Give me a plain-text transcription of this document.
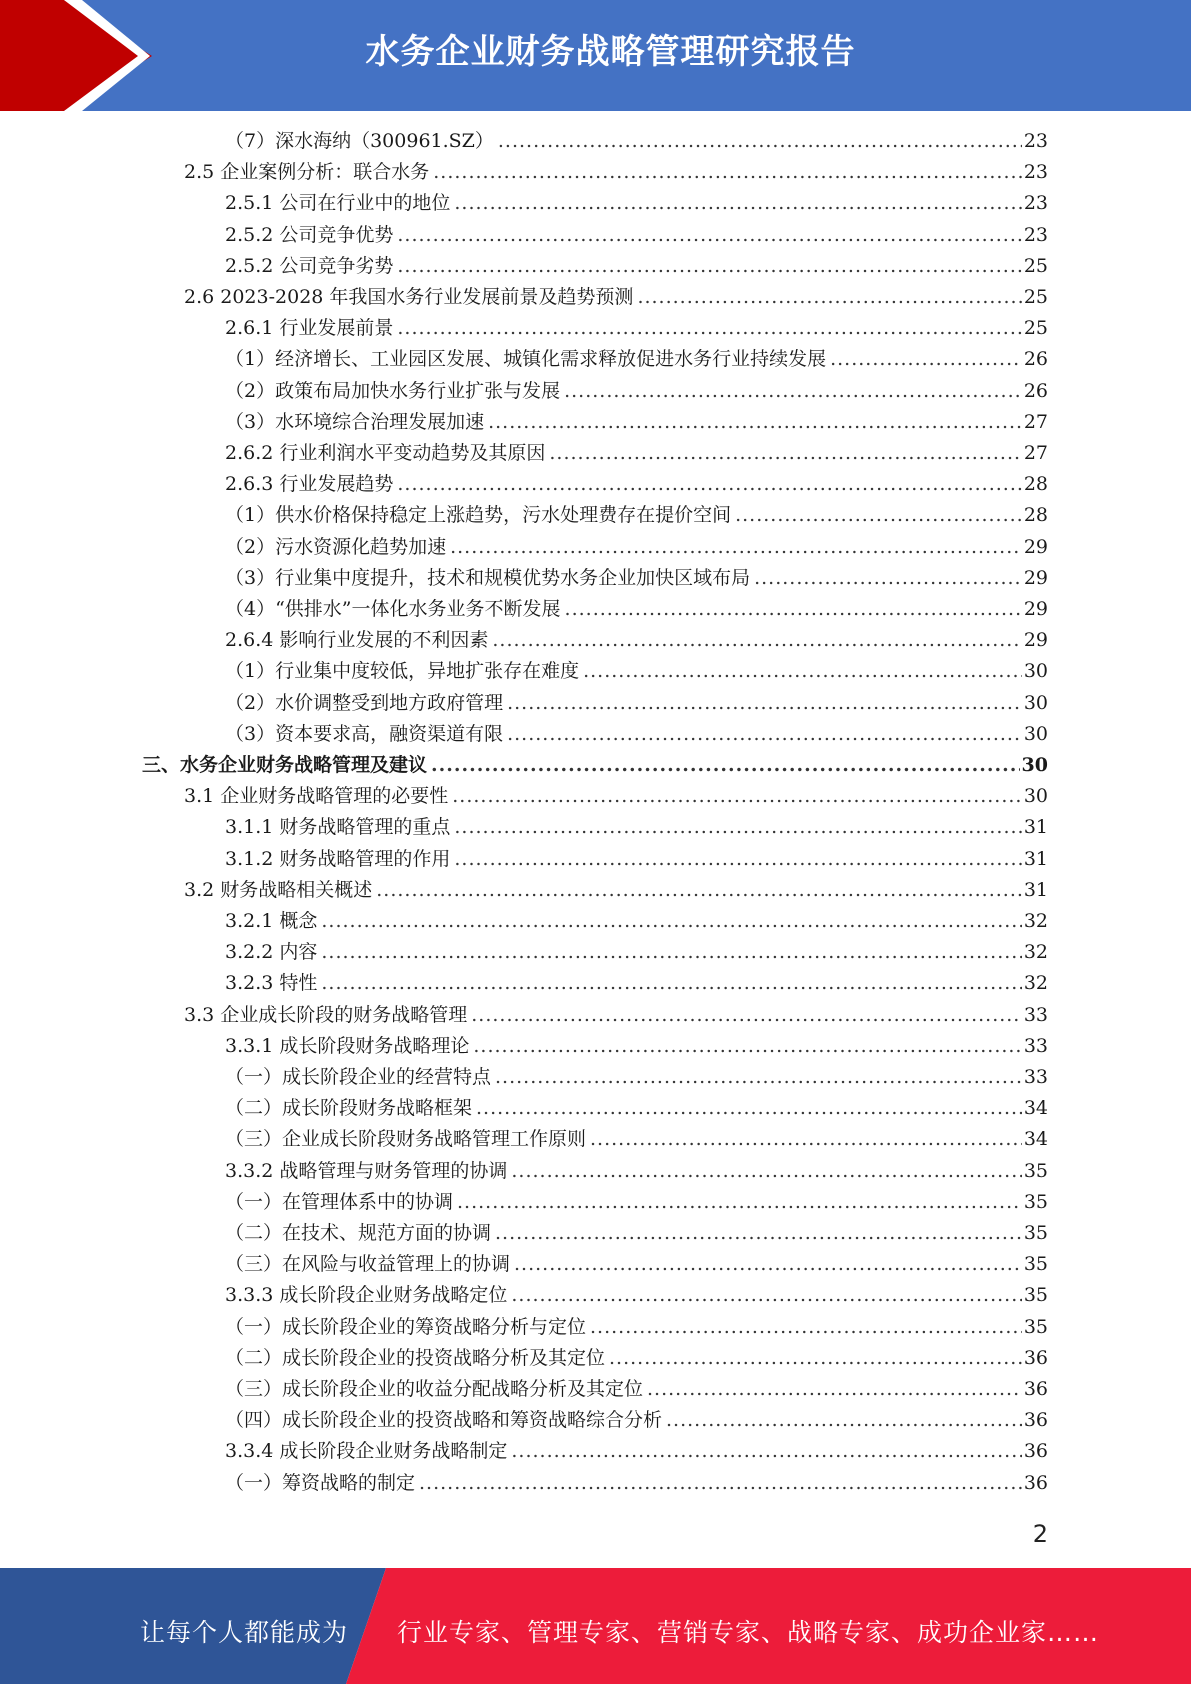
水务企业财务战略管理研究报告
（7）深水海纳（300961.SZ） .....	23
2.5 企业案例分析：联合水务 .....	23
2.5.1 公司在行业中的地位 .....	23
2.5.2 公司竞争优势 .....	23
2.5.2 公司竞争劣势 .....	25
2.6 2023-2028 年我国水务行业发展前景及趋势预测 .....	25
2.6.1 行业发展前景 .....	25
（1）经济增长、工业园区发展、城镇化需求释放促进水务行业持续发展 .....	26
（2）政策布局加快水务行业扩张与发展 .....	26
（3）水环境综合治理发展加速 .....	27
2.6.2 行业利润水平变动趋势及其原因 .....	27
2.6.3 行业发展趋势 .....	28
（1）供水价格保持稳定上涨趋势，污水处理费存在提价空间 .....	28
（2）污水资源化趋势加速 .....	29
（3）行业集中度提升，技术和规模优势水务企业加快区域布局 .....	29
（4）“供排水”一体化水务业务不断发展 .....	29
2.6.4 影响行业发展的不利因素 .....	29
（1）行业集中度较低，异地扩张存在难度 .....	30
（2）水价调整受到地方政府管理 .....	30
（3）资本要求高，融资渠道有限 .....	30
三、水务企业财务战略管理及建议 .....	30
3.1 企业财务战略管理的必要性 .....	30
3.1.1 财务战略管理的重点 .....	31
3.1.2 财务战略管理的作用 .....	31
3.2 财务战略相关概述 .....	31
3.2.1 概念 .....	32
3.2.2 内容 .....	32
3.2.3 特性 .....	32
3.3 企业成长阶段的财务战略管理 .....	33
3.3.1 成长阶段财务战略理论 .....	33
（一）成长阶段企业的经营特点 .....	33
（二）成长阶段财务战略框架 .....	34
（三）企业成长阶段财务战略管理工作原则 .....	34
3.3.2 战略管理与财务管理的协调 .....	35
（一）在管理体系中的协调 .....	35
（二）在技术、规范方面的协调 .....	35
（三）在风险与收益管理上的协调 .....	35
3.3.3 成长阶段企业财务战略定位 .....	35
（一）成长阶段企业的筹资战略分析与定位 .....	35
（二）成长阶段企业的投资战略分析及其定位 .....	36
（三）成长阶段企业的收益分配战略分析及其定位 .....	36
（四）成长阶段企业的投资战略和筹资战略综合分析 .....	36
3.3.4 成长阶段企业财务战略制定 .....	36
（一）筹资战略的制定 .....	36
2
让每个人都能成为 行业专家、管理专家、营销专家、战略专家、成功企业家……
